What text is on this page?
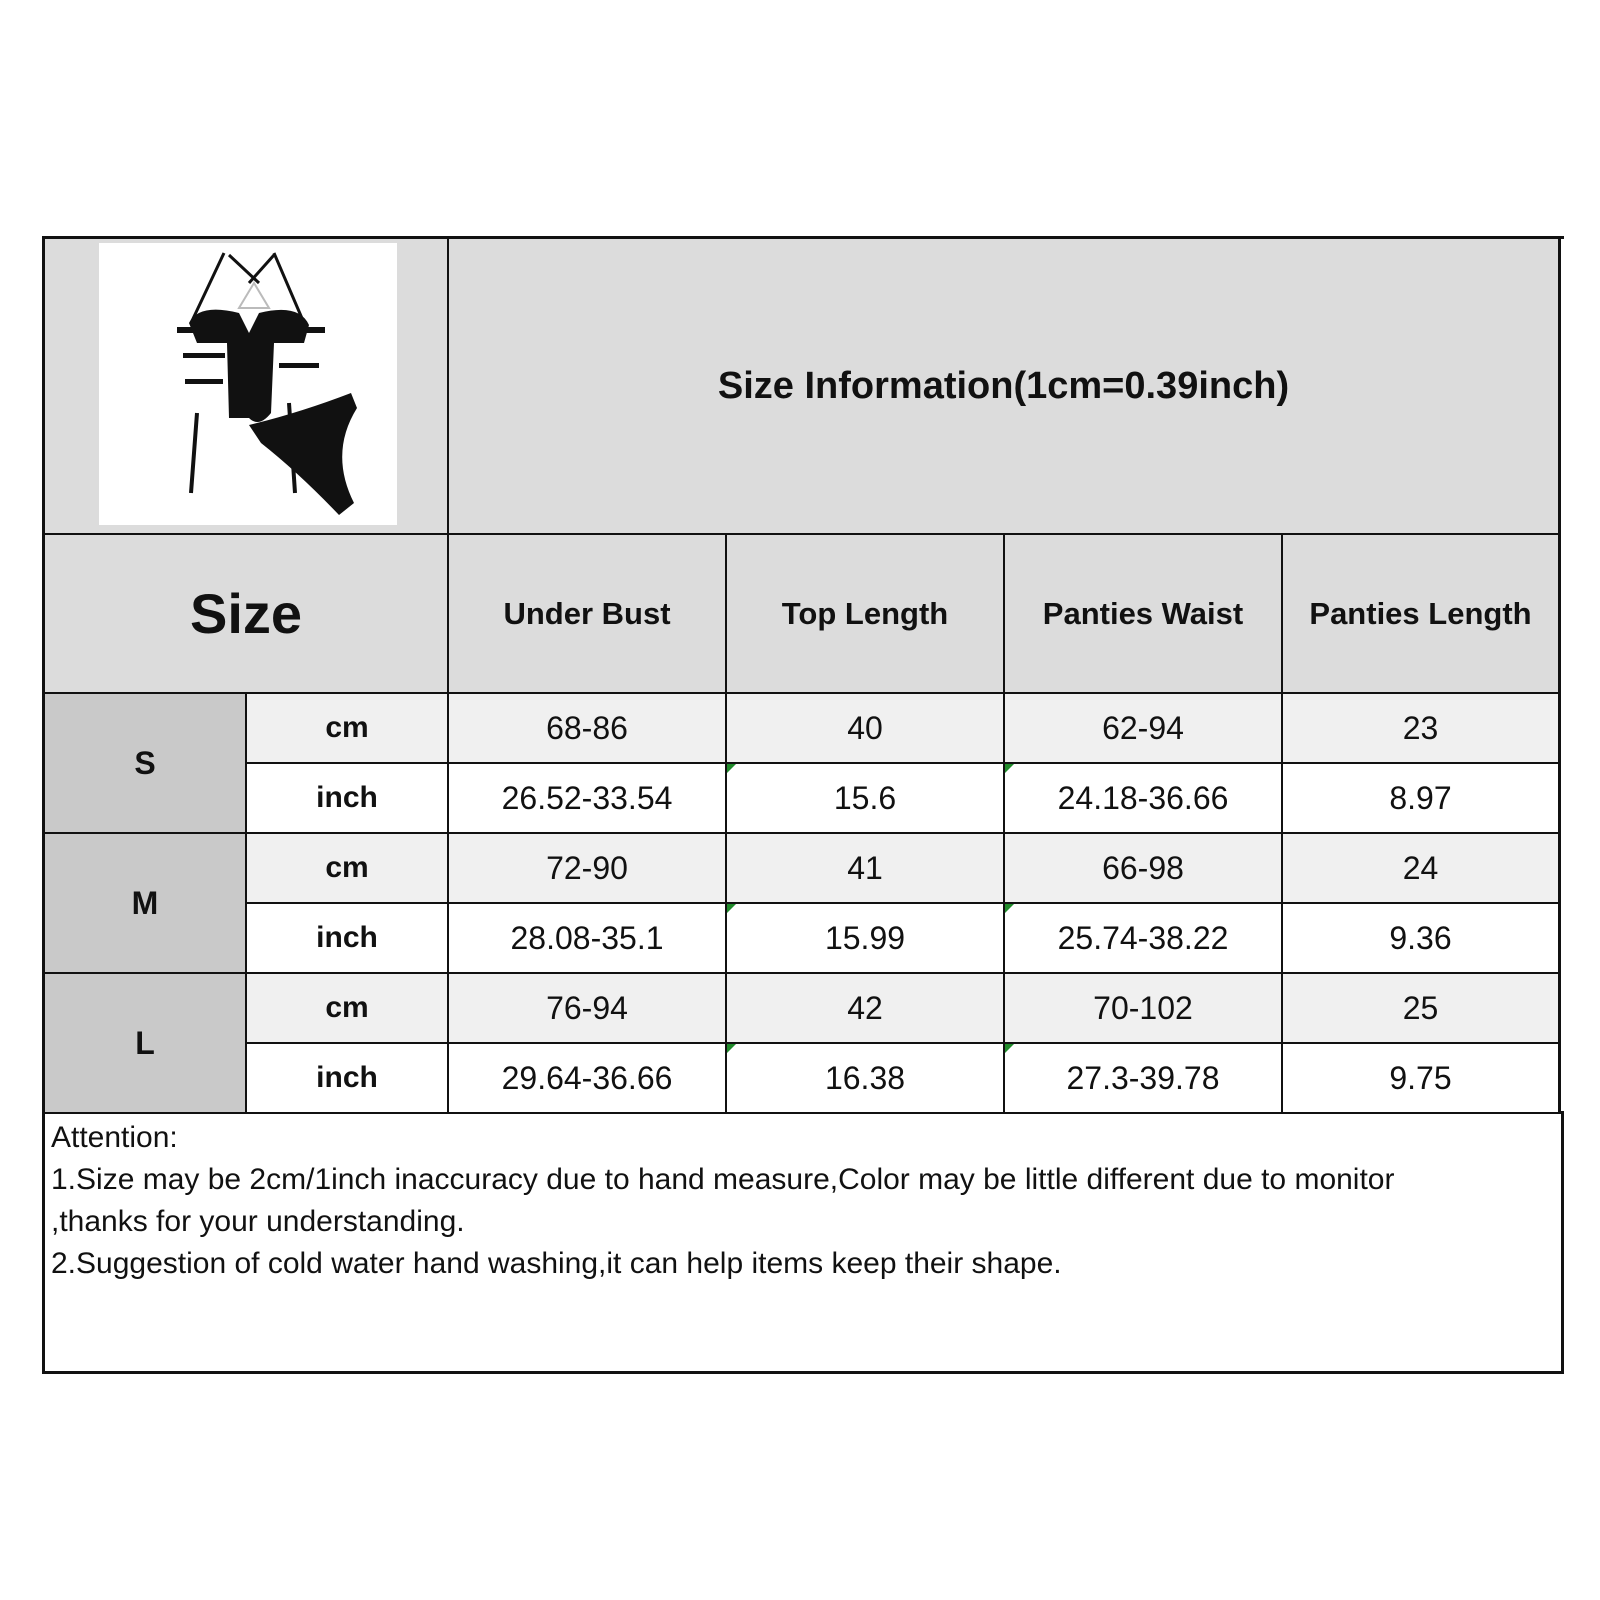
Size Information(1cm=0.39inch)
Size	Under Bust	Top Length	Panties Waist	Panties Length
S
cm	68-86	40	62-94	23
inch	26.52-33.54	15.6	24.18-36.66	8.97
M
cm	72-90	41	66-98	24
inch	28.08-35.1	15.99	25.74-38.22	9.36
L
cm	76-94	42	70-102	25
inch	29.64-36.66	16.38	27.3-39.78	9.75
Attention:
1.Size may be 2cm/1inch inaccuracy due to hand measure,Color may be little different due to monitor
,thanks for your understanding.
2.Suggestion of cold water hand washing,it can help items keep their shape.
